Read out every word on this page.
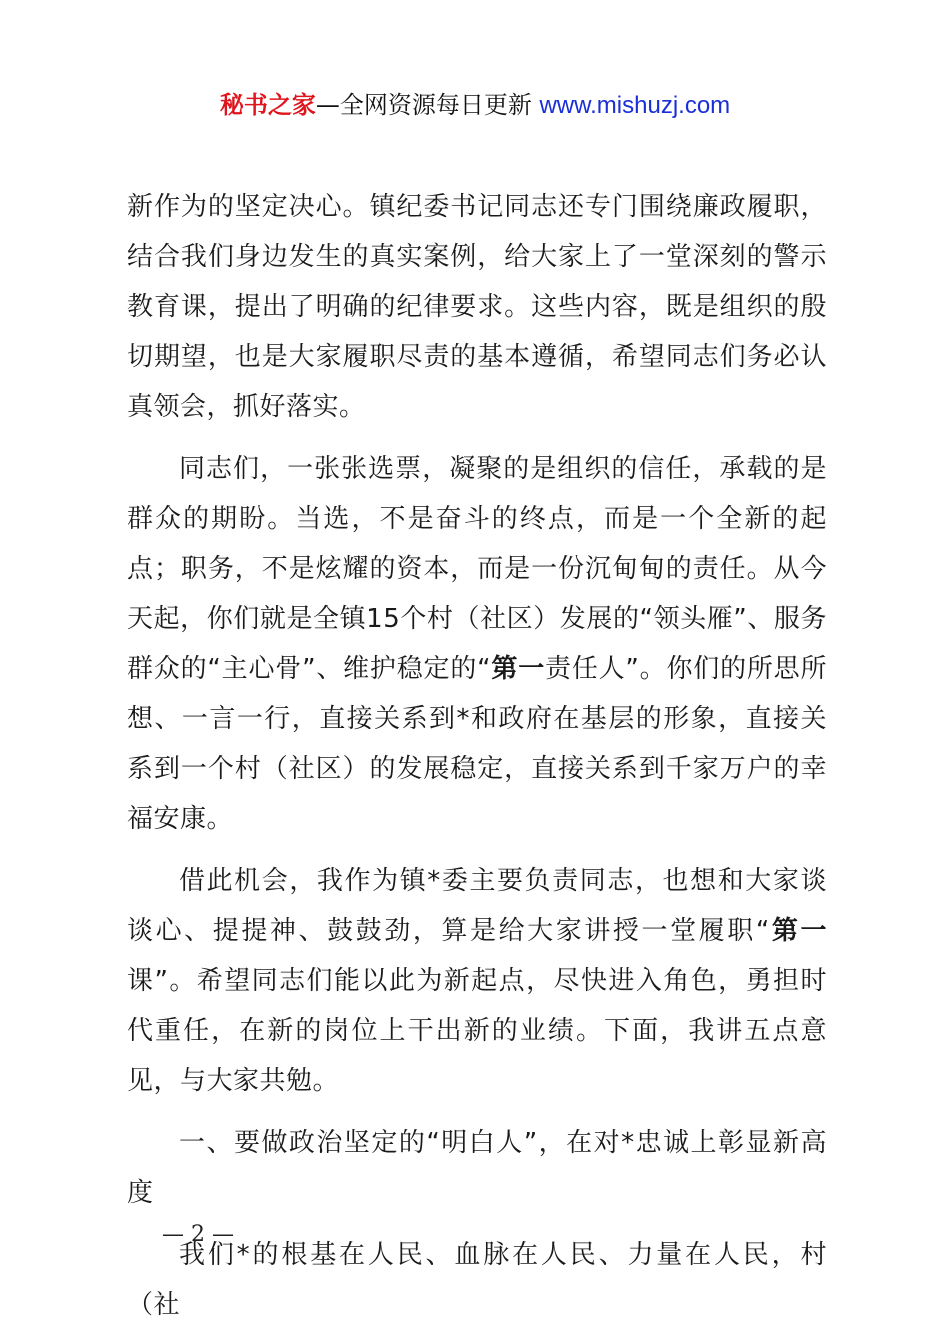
秘书之家—全网资源每日更新 www.mishuzj.com

新作为的坚定决心。镇纪委书记同志还专门围绕廉政履职，结合我们身边发生的真实案例，给大家上了一堂深刻的警示教育课，提出了明确的纪律要求。这些内容，既是组织的殷切期望，也是大家履职尽责的基本遵循，希望同志们务必认真领会，抓好落实。

同志们，一张张选票，凝聚的是组织的信任，承载的是群众的期盼。当选，不是奋斗的终点，而是一个全新的起点；职务，不是炫耀的资本，而是一份沉甸甸的责任。从今天起，你们就是全镇15个村（社区）发展的“领头雁”、服务群众的“主心骨”、维护稳定的“第一责任人”。你们的所思所想、一言一行，直接关系到*和政府在基层的形象，直接关系到一个村（社区）的发展稳定，直接关系到千家万户的幸福安康。

借此机会，我作为镇*委主要负责同志，也想和大家谈谈心、提提神、鼓鼓劲，算是给大家讲授一堂履职“第一课”。希望同志们能以此为新起点，尽快进入角色，勇担时代重任，在新的岗位上干出新的业绩。下面，我讲五点意见，与大家共勉。

一、要做政治坚定的“明白人”，在对*忠诚上彰显新高度

我们*的根基在人民、血脉在人民、力量在人民，村（社

— 2 —
